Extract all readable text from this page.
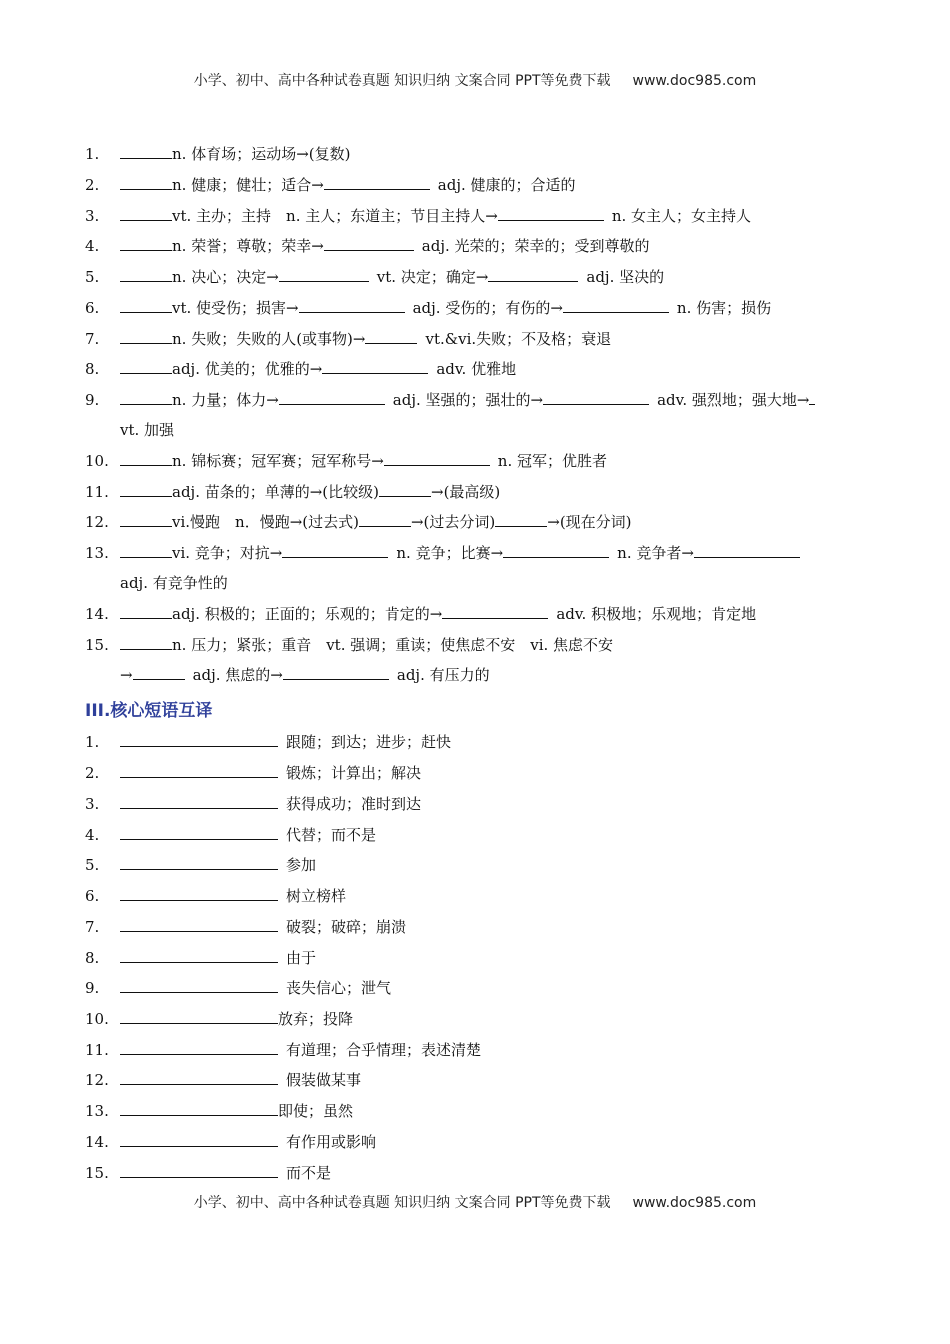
小学、初中、高中各种试卷真题 知识归纳 文案合同 PPT等免费下载 www.doc985.com
1.	n. 体育场；运动场→(复数)
2.	n. 健康；健壮；适合→	adj. 健康的；合适的
3.	vt. 主办；主持　n. 主人；东道主；节目主持人→	n. 女主人；女主持人
4.	n. 荣誉；尊敬；荣幸→	adj. 光荣的；荣幸的；受到尊敬的
5.	n. 决心；决定→	vt. 决定；确定→	adj. 坚决的
6.	vt. 使受伤；损害→	adj. 受伤的；有伤的→	n. 伤害；损伤
7.	n. 失败；失败的人(或事物)→	vt.&vi.失败；不及格；衰退
8.	adj. 优美的；优雅的→	adv. 优雅地
9.	n. 力量；体力→	adj. 坚强的；强壮的→	adv. 强烈地；强大地→
vt. 加强
10.	n. 锦标赛；冠军赛；冠军称号→	n. 冠军；优胜者
11.	adj. 苗条的；单薄的→(比较级)	→(最高级)
12.	vi.慢跑　n．慢跑→(过去式)	→(过去分词)	→(现在分词)
13.	vi. 竞争；对抗→	n. 竞争；比赛→	n. 竞争者→
adj. 有竞争性的
14.	adj. 积极的；正面的；乐观的；肯定的→	adv. 积极地；乐观地；肯定地
15.	n. 压力；紧张；重音　vt. 强调；重读；使焦虑不安　vi. 焦虑不安
→	adj. 焦虑的→	adj. 有压力的
III.核心短语互译
1.	跟随；到达；进步；赶快
2.	锻炼；计算出；解决
3.	获得成功；准时到达
4.	代替；而不是
5.	参加
6.	树立榜样
7.	破裂；破碎；崩溃
8.	由于
9.	丧失信心；泄气
10.	放弃；投降
11.	有道理；合乎情理；表述清楚
12.	假装做某事
13.	即使；虽然
14.	有作用或影响
15.	而不是
小学、初中、高中各种试卷真题 知识归纳 文案合同 PPT等免费下载 www.doc985.com
